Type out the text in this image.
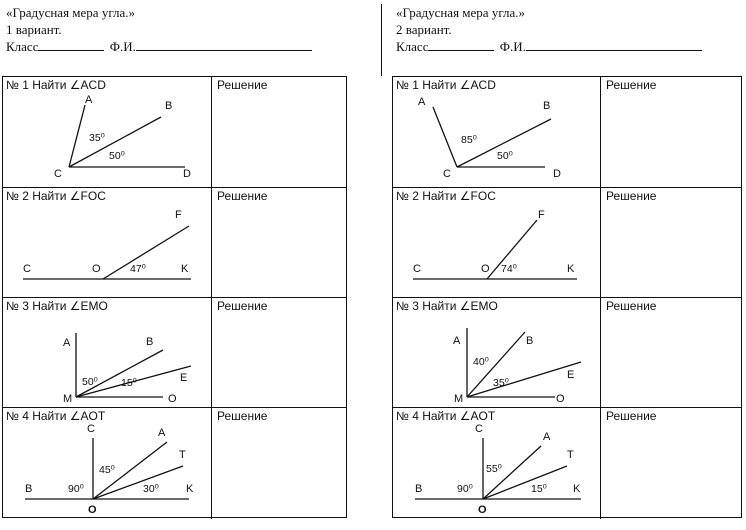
«Градусная мера угла.»
1 вариант.
Класс	Ф.И.
«Градусная мера угла.»
2 вариант.
Класс	Ф.И.
№ 1 Найти ∠ACD
A	B
C	D
35⁰
50⁰
Решение
№ 2 Найти ∠FOC
C	O
F
K
47⁰
Решение
№ 3 Найти ∠EMO
A	B
E
M	O
50⁰ 15⁰
Решение
№ 4 Найти ∠AOT
B
C	A
T
K
O
90⁰
45⁰
30⁰
Решение
№ 1 Найти ∠ACD
A	B
C	D
85⁰
50⁰
Решение
№ 2 Найти ∠FOC
C	O
F
K
74⁰
Решение
№ 3 Найти ∠EMO
A	B
E
M	O
40⁰
35⁰
Решение
№ 4 Найти ∠AOT
B
C
A
T
K
O
90⁰
55⁰
15⁰
Решение
